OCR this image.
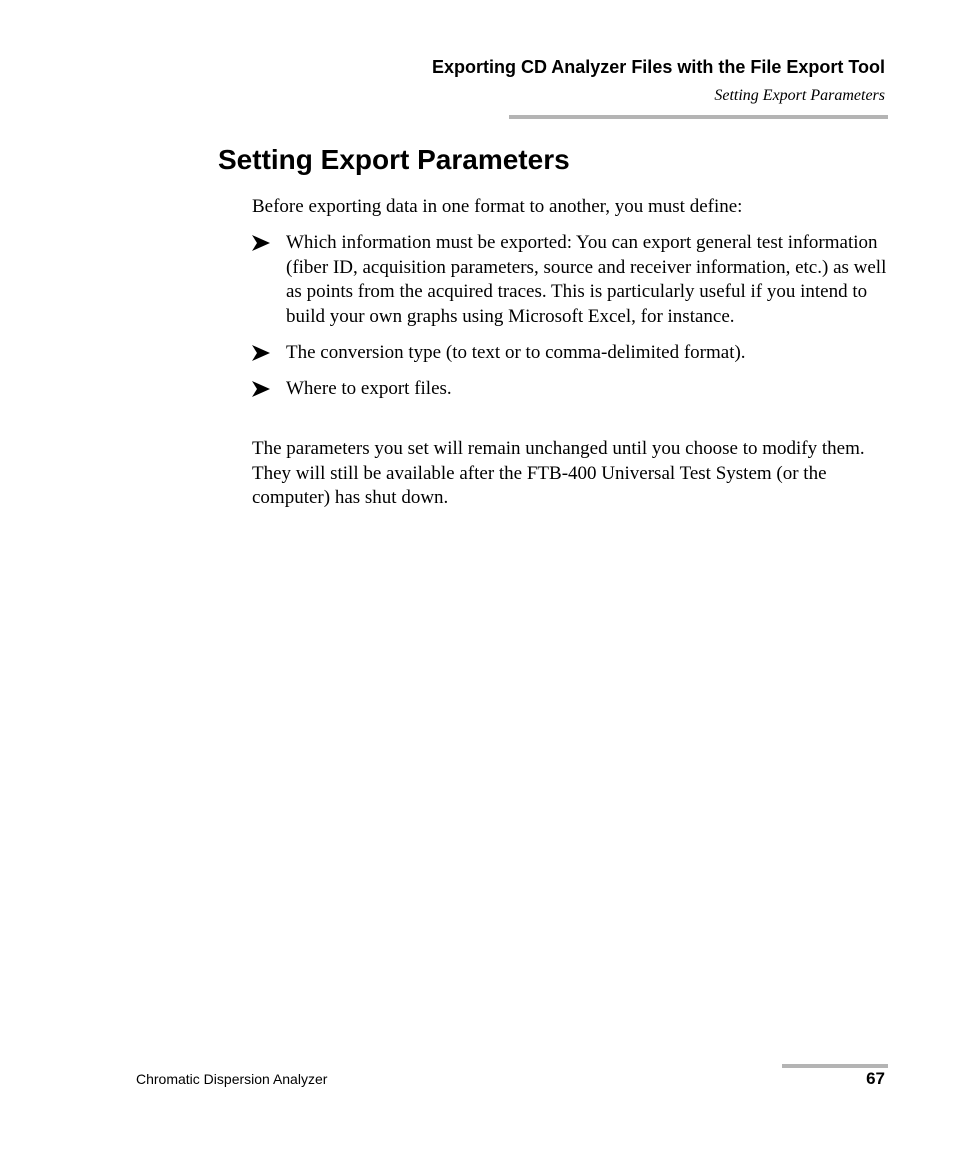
Exporting CD Analyzer Files with the File Export Tool
Setting Export Parameters
Setting Export Parameters

Before exporting data in one format to another, you must define:

Which information must be exported: You can export general test information (fiber ID, acquisition parameters, source and receiver information, etc.) as well as points from the acquired traces. This is particularly useful if you intend to build your own graphs using Microsoft Excel, for instance.
The conversion type (to text or to comma-delimited format).
Where to export files.

The parameters you set will remain unchanged until you choose to modify them. They will still be available after the FTB-400 Universal Test System (or the computer) has shut down.

Chromatic Dispersion Analyzer	67
